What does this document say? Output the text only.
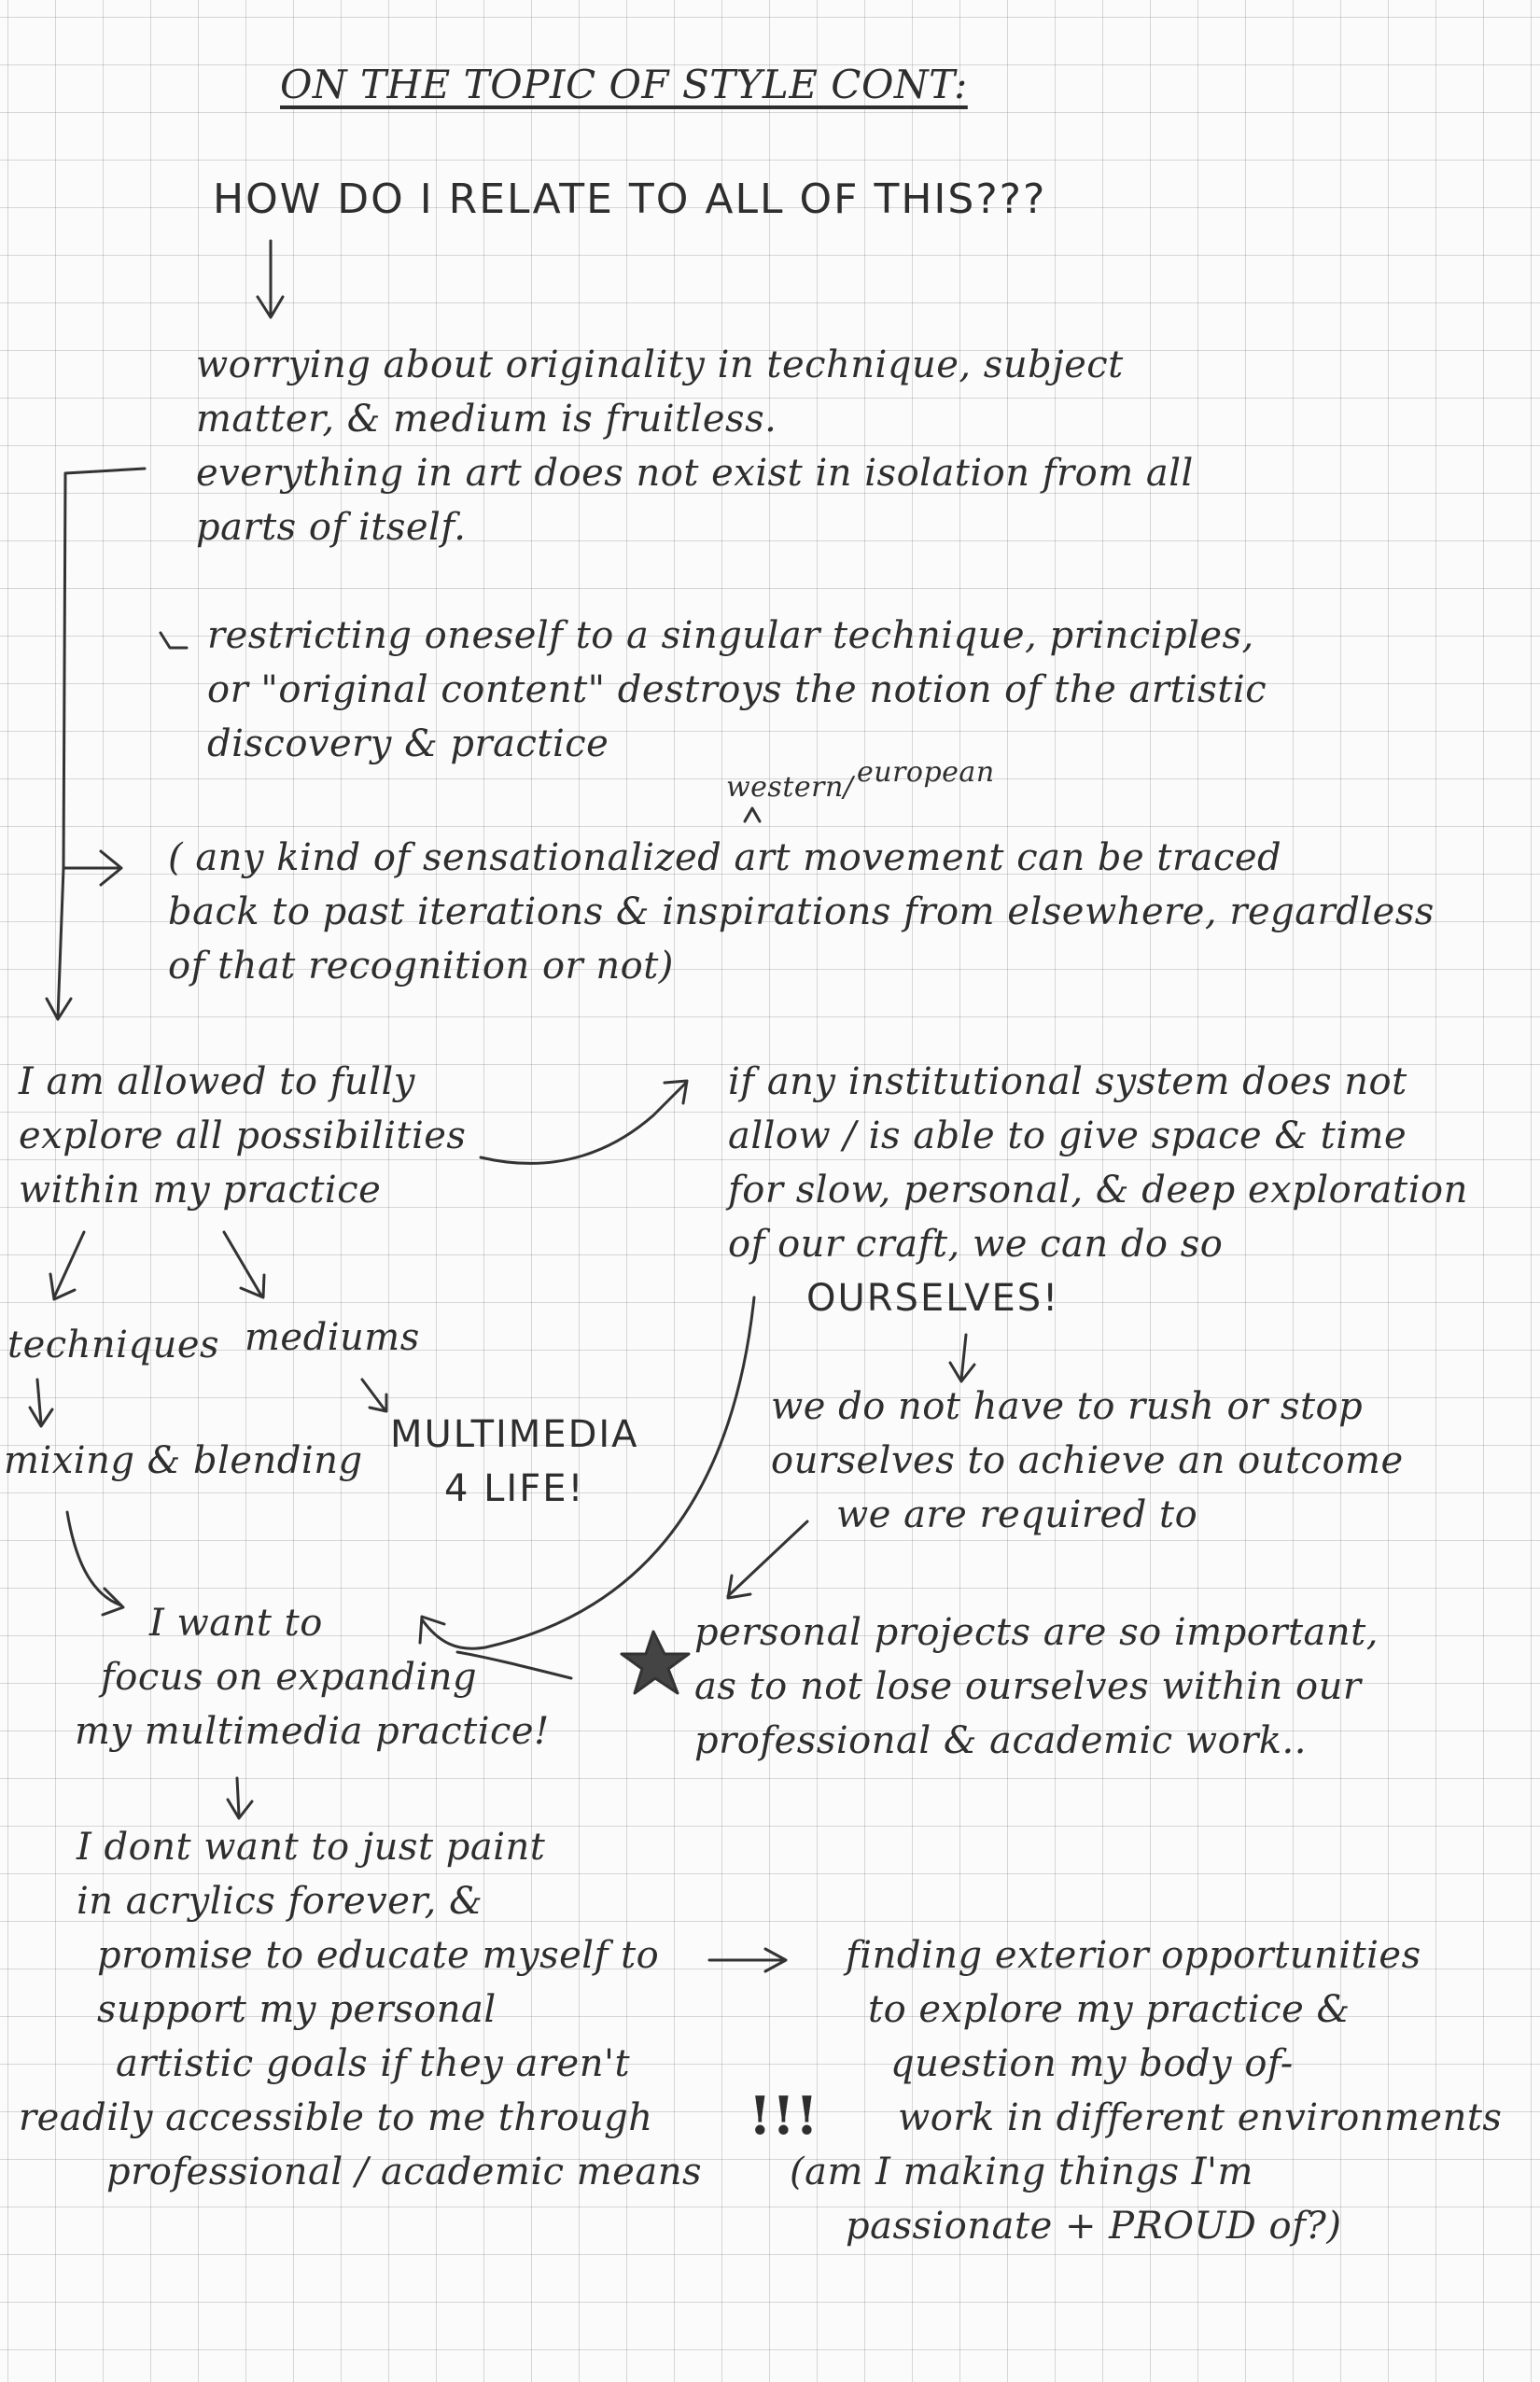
ON THE TOPIC OF STYLE CONT:
HOW DO I RELATE TO ALL OF THIS???
worrying about originality in technique, subject
matter, & medium is fruitless.
everything in art does not exist in isolation from all
parts of itself.
restricting oneself to a singular technique, principles,
or "original content" destroys the notion of the artistic
discovery & practice
western/ european
( any kind of sensationalized art movement can be traced
back to past iterations & inspirations from elsewhere, regardless
of that recognition or not)
I am allowed to fully
explore all possibilities
within my practice
if any institutional system does not
allow / is able to give space & time
for slow, personal, & deep exploration
of our craft, we can do so
OURSELVES!
techniques mediums
mixing & blending
MULTIMEDIA
4 LIFE!
we do not have to rush or stop
ourselves to achieve an outcome
we are required to
I want to
focus on expanding
my multimedia practice!
personal projects are so important,
as to not lose ourselves within our
professional & academic work..
I dont want to just paint
in acrylics forever, &
promise to educate myself to
support my personal
artistic goals if they aren't
readily accessible to me through
professional / academic means
!!!
finding exterior opportunities
to explore my practice &
question my body of-
work in different environments
(am I making things I'm
passionate + PROUD of?)
